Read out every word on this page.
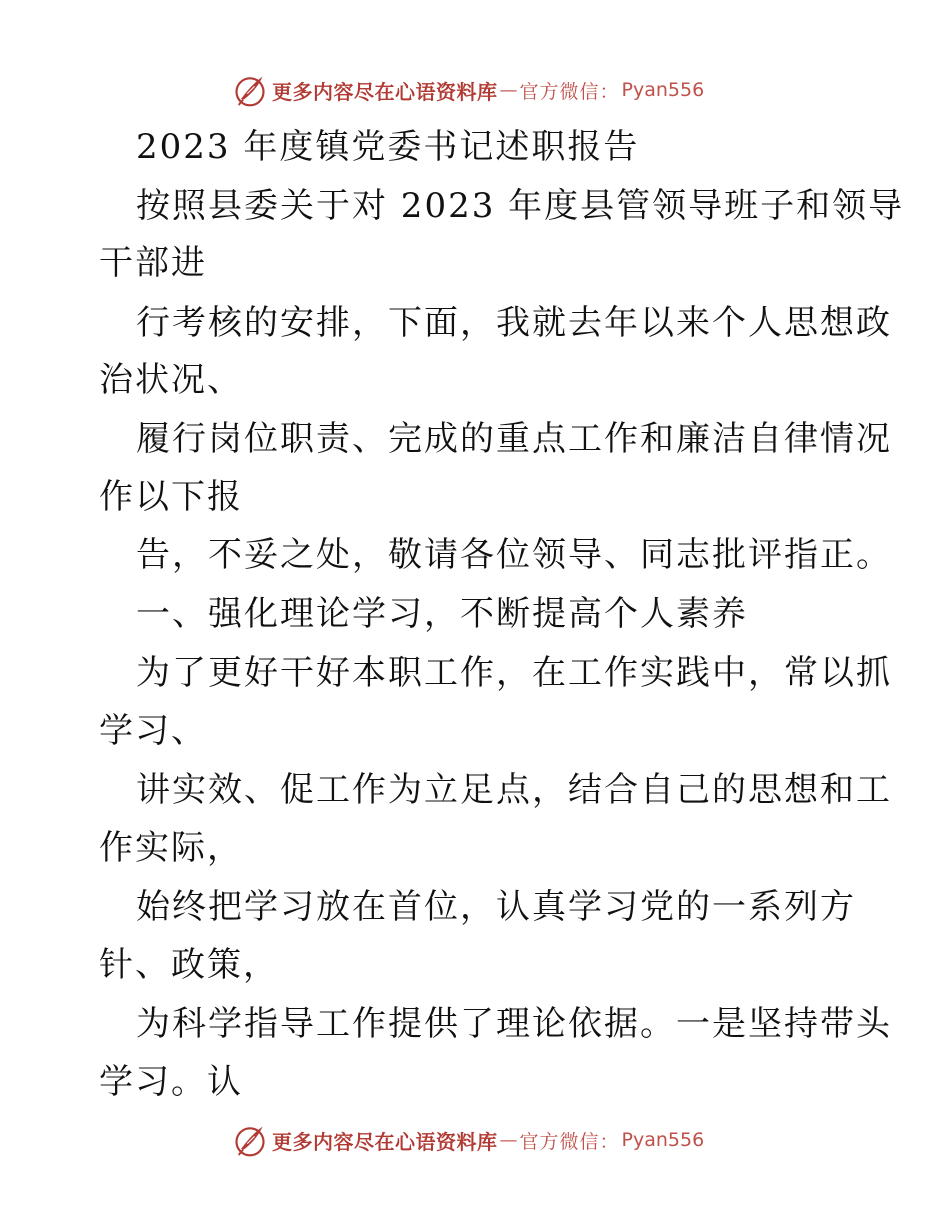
更多内容尽在心语资料库 — 官方微信： Pyan556
2023 年度镇党委书记述职报告
按照县委关于对 2023 年度县管领导班子和领导
干部进
行考核的安排，下面，我就去年以来个人思想政
治状况、
履行岗位职责、完成的重点工作和廉洁自律情况
作以下报
告，不妥之处，敬请各位领导、同志批评指正。
一、强化理论学习，不断提高个人素养
为了更好干好本职工作，在工作实践中，常以抓
学习、
讲实效、促工作为立足点，结合自己的思想和工
作实际，
始终把学习放在首位，认真学习党的一系列方
针、政策，
为科学指导工作提供了理论依据。一是坚持带头
学习。认
更多内容尽在心语资料库 — 官方微信： Pyan556
